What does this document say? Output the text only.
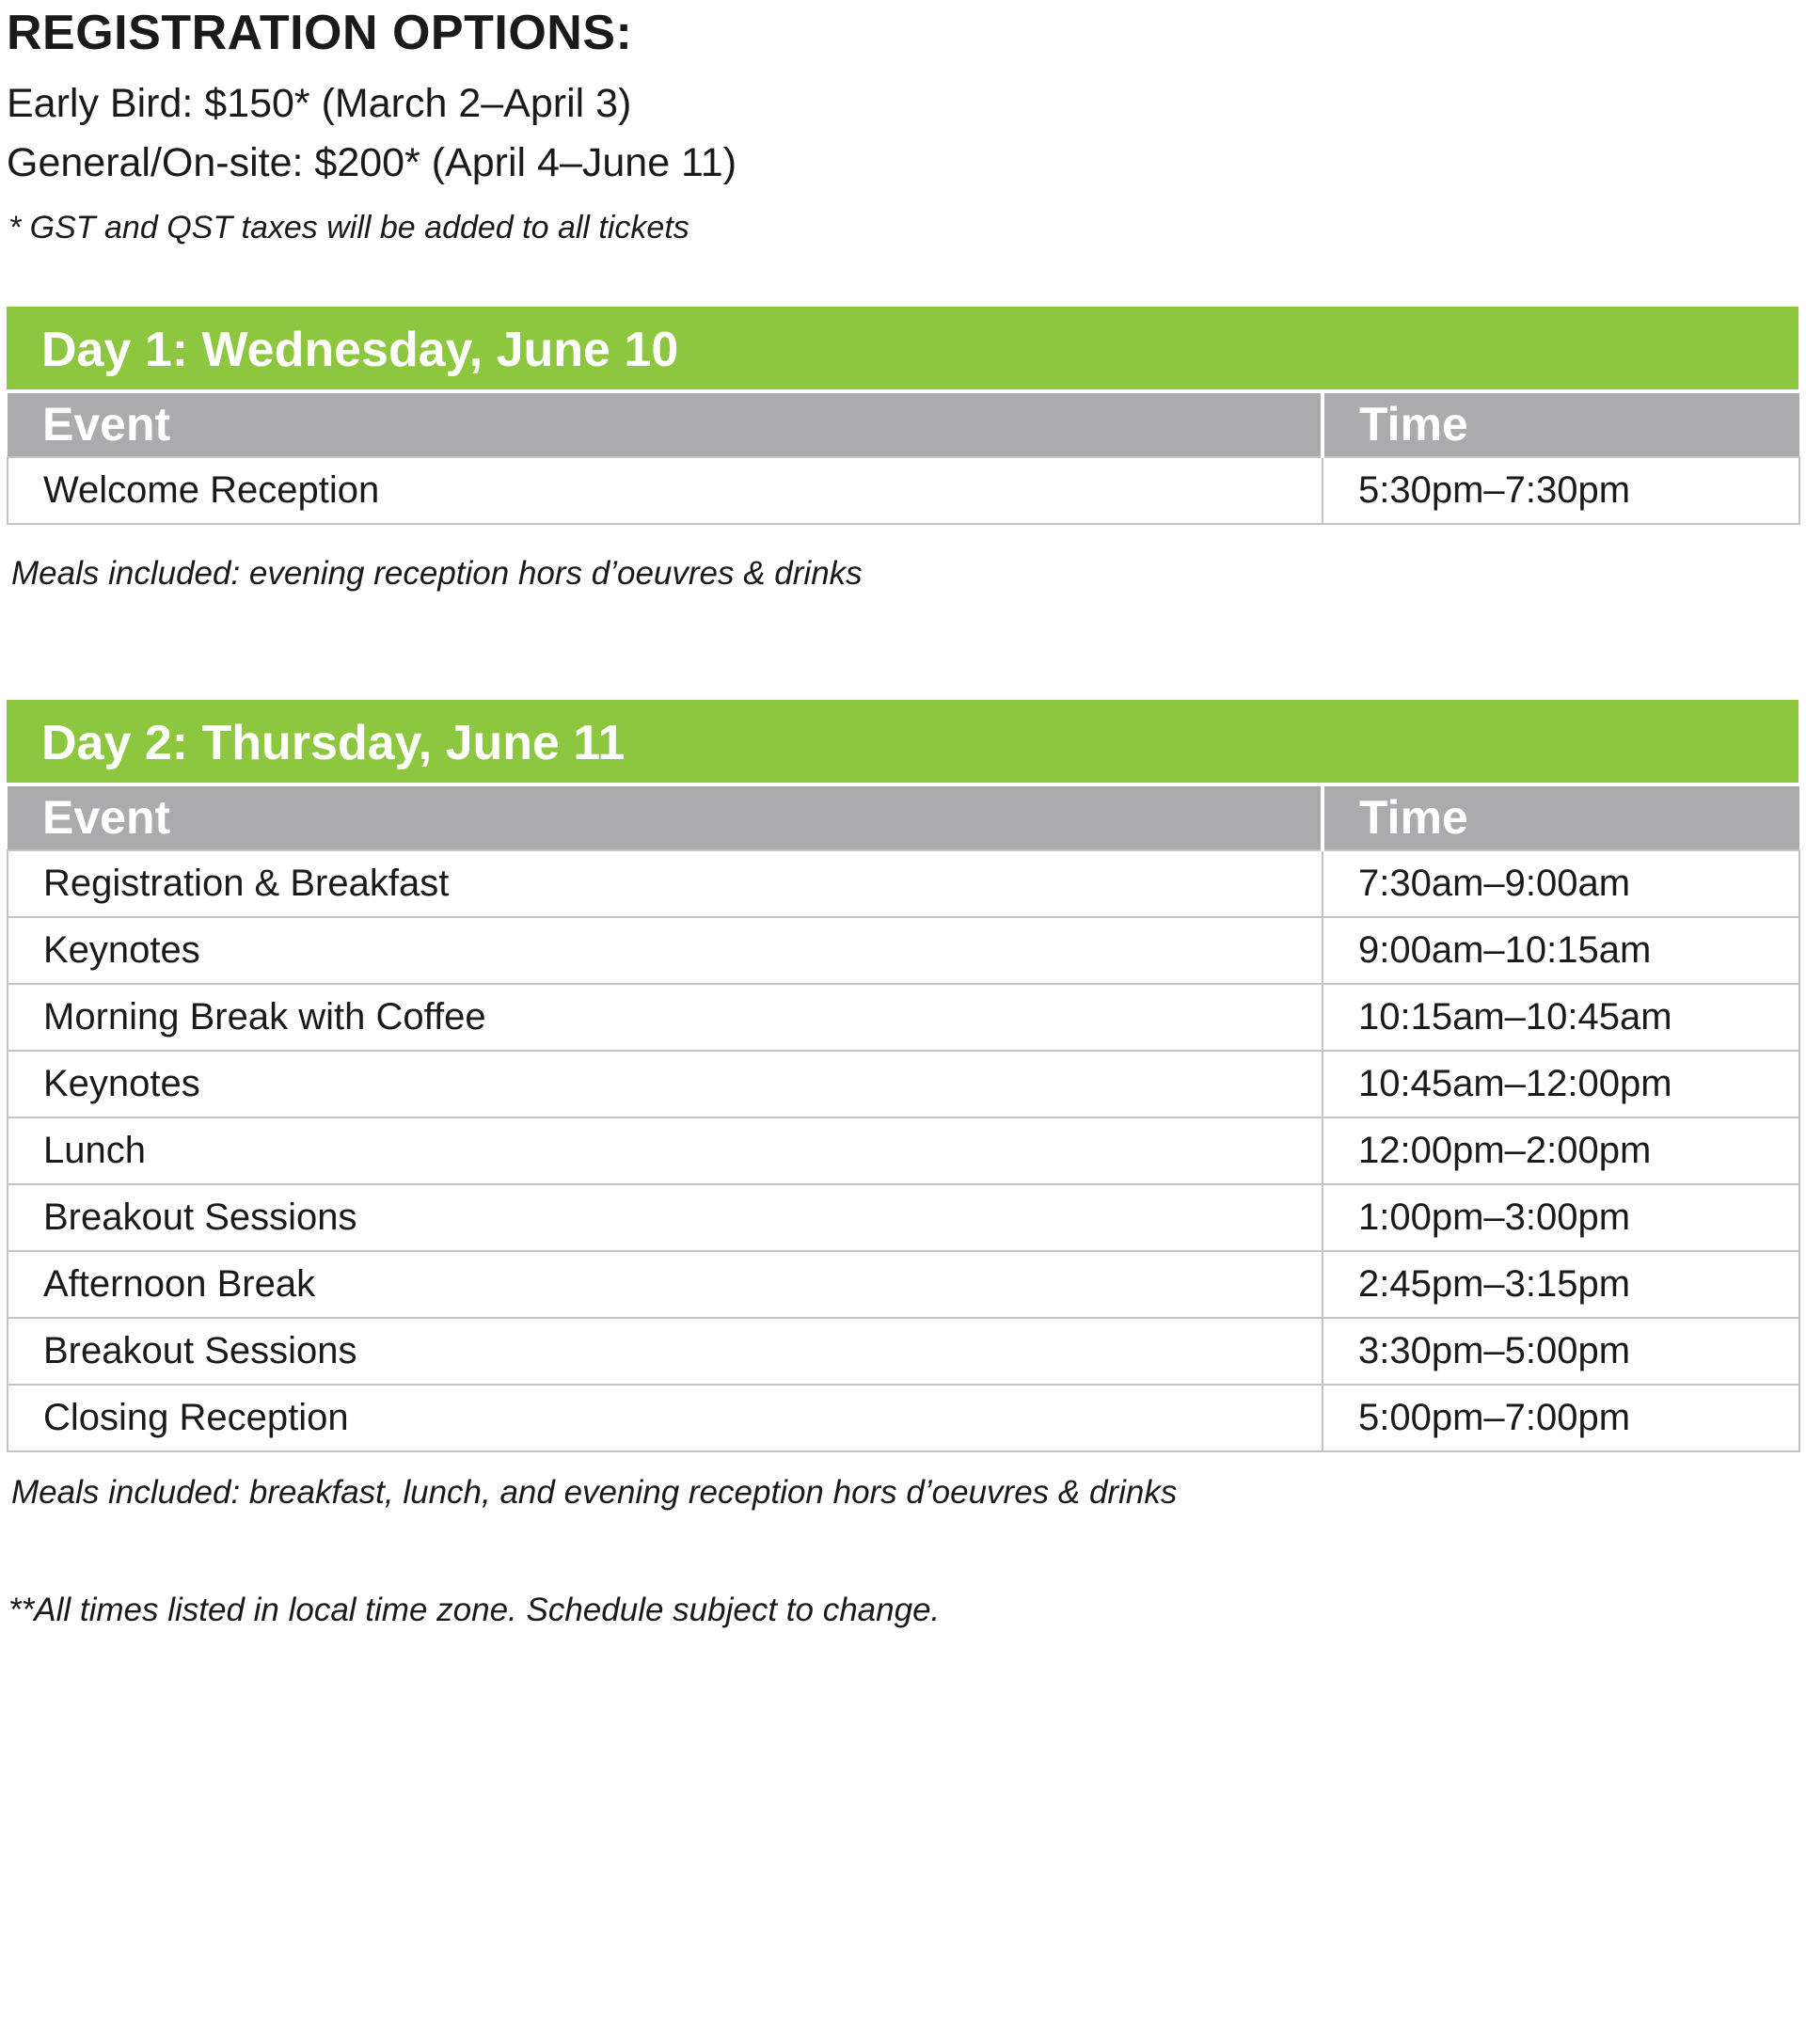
REGISTRATION OPTIONS:
Early Bird: $150* (March 2–April 3)
General/On-site: $200* (April 4–June 11)
* GST and QST taxes will be added to all tickets
Day 1: Wednesday, June 10
Event	Time
Welcome Reception	5:30pm–7:30pm
Meals included: evening reception hors d’oeuvres & drinks
Day 2: Thursday, June 11
Event	Time
Registration & Breakfast	7:30am–9:00am
Keynotes	9:00am–10:15am
Morning Break with Coffee	10:15am–10:45am
Keynotes	10:45am–12:00pm
Lunch	12:00pm–2:00pm
Breakout Sessions	1:00pm–3:00pm
Afternoon Break	2:45pm–3:15pm
Breakout Sessions	3:30pm–5:00pm
Closing Reception	5:00pm–7:00pm
Meals included: breakfast, lunch, and evening reception hors d’oeuvres & drinks
**All times listed in local time zone. Schedule subject to change.
